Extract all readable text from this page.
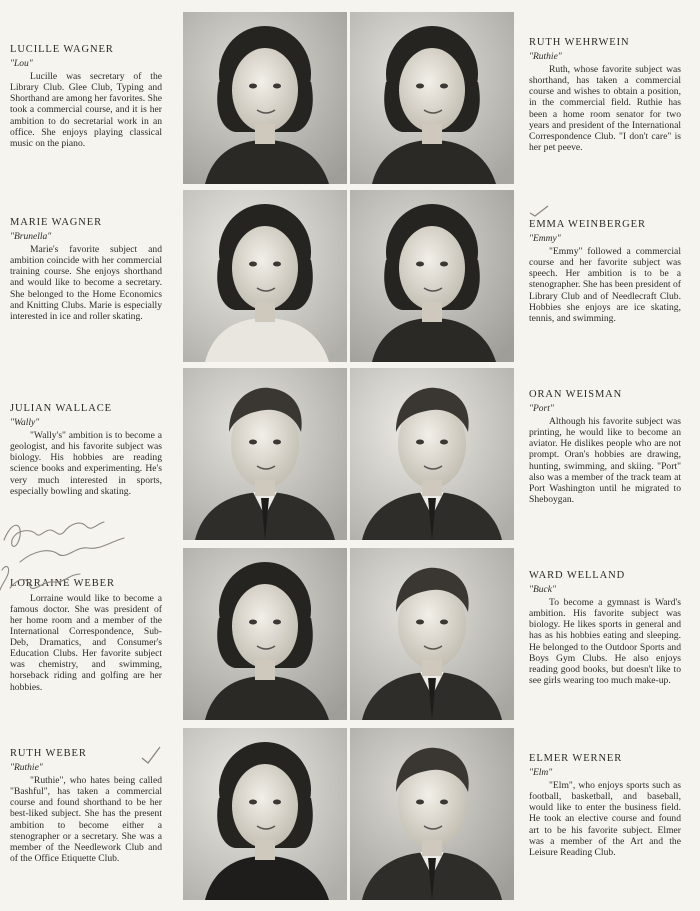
LUCILLE WAGNER

"Lou"

Lucille was secretary of the Library Club. Glee Club, Typing and Shorthand are among her favorites. She took a commercial course, and it is her ambition to do secretarial work in an office. She enjoys playing classical music on the piano.

MARIE WAGNER

"Brunella"

Marie's favorite subject and ambition coincide with her commercial training course. She enjoys shorthand and would like to become a secretary. She belonged to the Home Economics and Knitting Clubs. Marie is especially interested in ice and roller skating.

JULIAN WALLACE

"Wally"

"Wally's" ambition is to become a geologist, and his favorite subject was biology. His hobbies are reading science books and experimenting. He's very much interested in sports, especially bowling and skating.

LORRAINE WEBER

Lorraine would like to become a famous doctor. She was president of her home room and a member of the International Correspondence, Sub-Deb, Dramatics, and Consumer's Education Clubs. Her favorite subject was chemistry, and swimming, horseback riding and golfing are her hobbies.

RUTH WEBER

"Ruthie"

"Ruthie", who hates being called "Bashful", has taken a commercial course and found shorthand to be her best-liked subject. She has the present ambition to become either a stenographer or a secretary. She was a member of the Needlework Club and of the Office Etiquette Club.

RUTH WEHRWEIN

"Ruthie"

Ruth, whose favorite subject was shorthand, has taken a commercial course and wishes to obtain a position, in the commercial field. Ruthie has been a home room senator for two years and president of the International Correspondence Club. "I don't care" is her pet peeve.

EMMA WEINBERGER

"Emmy"

"Emmy" followed a commercial course and her favorite subject was speech. Her ambition is to be a stenographer. She has been president of Library Club and of Needlecraft Club. Hobbies she enjoys are ice skating, tennis, and swimming.

ORAN WEISMAN

"Port"

Although his favorite subject was printing, he would like to become an aviator. He dislikes people who are not prompt. Oran's hobbies are drawing, hunting, swimming, and skiing. "Port" also was a member of the track team at Port Washington until he migrated to Sheboygan.

WARD WELLAND

"Buck"

To become a gymnast is Ward's ambition. His favorite subject was biology. He likes sports in general and has as his hobbies eating and sleeping. He belonged to the Outdoor Sports and Boys Gym Clubs. He also enjoys reading good books, but doesn't like to see girls wearing too much make-up.

ELMER WERNER

"Elm"

"Elm", who enjoys sports such as football, basketball, and baseball, would like to enter the business field. He took an elective course and found art to be his favorite subject. Elmer was a member of the Art and the Leisure Reading Club.
